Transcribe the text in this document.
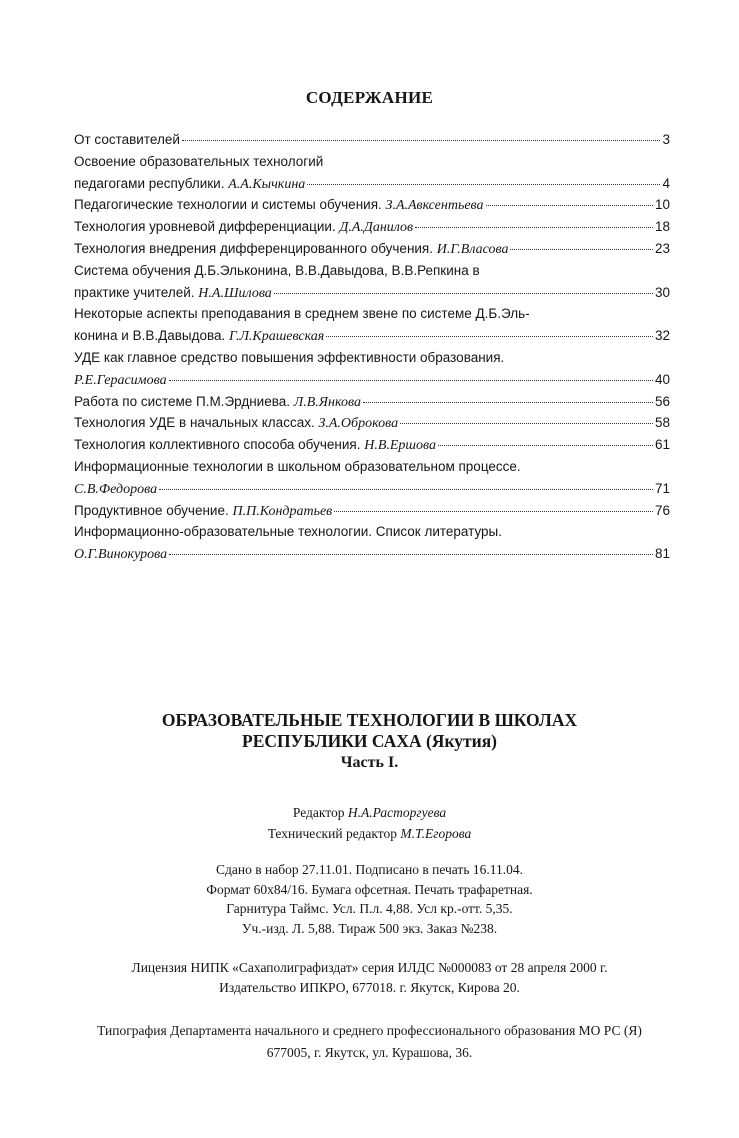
СОДЕРЖАНИЕ
От составителей	3
Освоение образовательных технологий
педагогами республики. А.А.Кычкина	4
Педагогические технологии и системы обучения. З.А.Авксентьева	10
Технология уровневой дифференциации. Д.А.Данилов	18
Технология внедрения дифференцированного обучения. И.Г.Власова	23
Система обучения Д.Б.Эльконина, В.В.Давыдова, В.В.Репкина в
практике учителей. Н.А.Шилова	30
Некоторые аспекты преподавания в среднем звене по системе Д.Б.Эль-
конина и В.В.Давыдова. Г.Л.Крашевская	32
УДЕ как главное средство повышения эффективности образования.
Р.Е.Герасимова	40
Работа по системе П.М.Эрдниева. Л.В.Янкова	56
Технология УДЕ в начальных классах. З.А.Оброкова	58
Технология коллективного способа обучения. Н.В.Ершова	61
Информационные технологии в школьном образовательном процессе.
С.В.Федорова	71
Продуктивное обучение. П.П.Кондратьев	76
Информационно-образовательные технологии. Список литературы.
О.Г.Винокурова	81
ОБРАЗОВАТЕЛЬНЫЕ ТЕХНОЛОГИИ В ШКОЛАХ
РЕСПУБЛИКИ САХА (Якутия)
Часть I.
Редактор Н.А.Расторгуева
Технический редактор М.Т.Егорова
Сдано в набор 27.11.01. Подписано в печать 16.11.04.
Формат 60х84/16. Бумага офсетная. Печать трафаретная.
Гарнитура Таймс. Усл. П.л. 4,88. Усл кр.-отт. 5,35.
Уч.-изд. Л. 5,88. Тираж 500 экз. Заказ №238.
Лицензия НИПК «Сахаполиграфиздат» серия ИЛДС №000083 от 28 апреля 2000 г.
Издательство ИПКРО, 677018. г. Якутск, Кирова 20.
Типография Департамента начального и среднего профессионального образования МО РС (Я)
677005, г. Якутск, ул. Курашова, 36.
